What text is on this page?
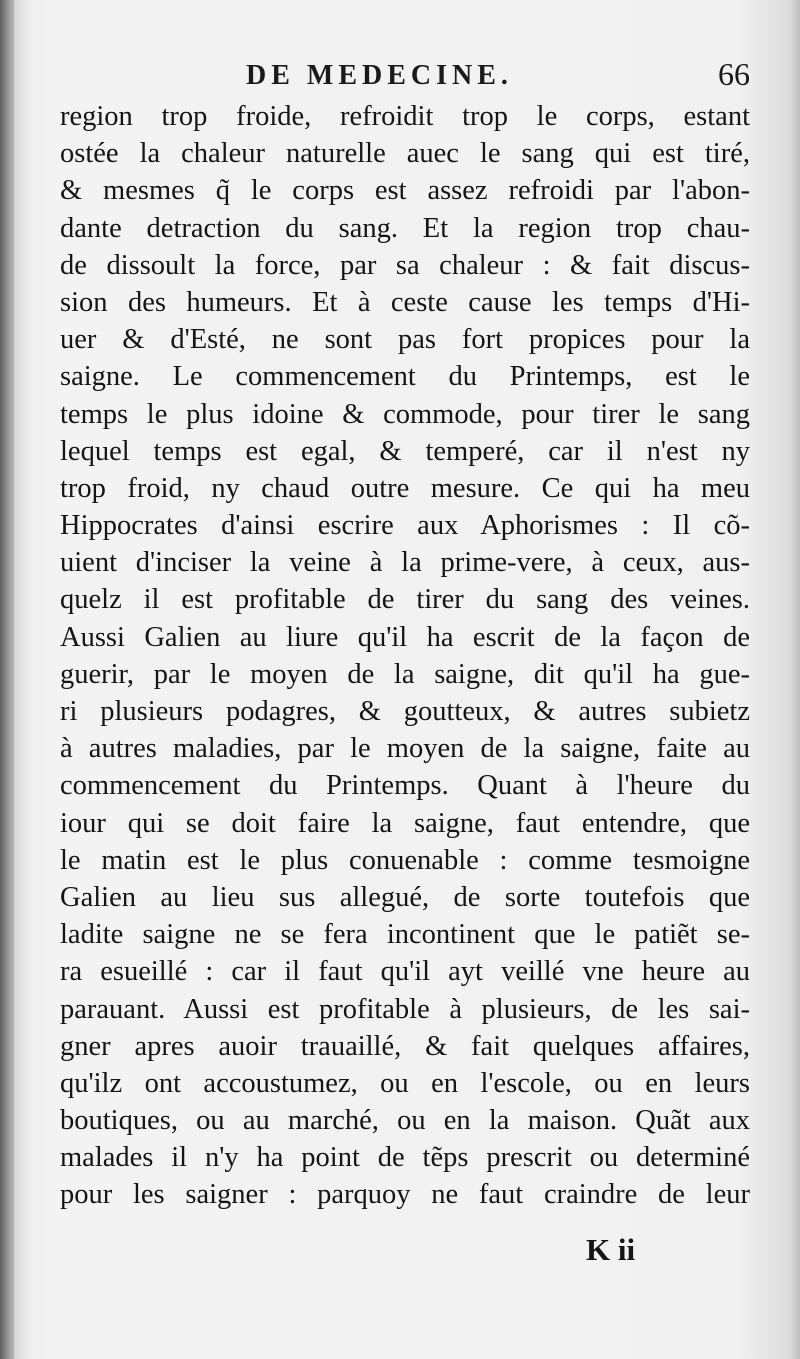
DE MEDECINE.	66
region trop froide, refroidit trop le corps, estant
ostée la chaleur naturelle auec le sang qui est tiré,
& mesmes q̃ le corps est assez refroidi par l'abon-
dante detraction du sang. Et la region trop chau-
de dissoult la force, par sa chaleur : & fait discus-
sion des humeurs. Et à ceste cause les temps d'Hi-
uer & d'Esté, ne sont pas fort propices pour la
saigne. Le commencement du Printemps, est le
temps le plus idoine & commode, pour tirer le sang
lequel temps est egal, & temperé, car il n'est ny
trop froid, ny chaud outre mesure. Ce qui ha meu
Hippocrates d'ainsi escrire aux Aphorismes : Il cõ-
uient d'inciser la veine à la prime-vere, à ceux, aus-
quelz il est profitable de tirer du sang des veines.
Aussi Galien au liure qu'il ha escrit de la façon de
guerir, par le moyen de la saigne, dit qu'il ha gue-
ri plusieurs podagres, & goutteux, & autres subietz
à autres maladies, par le moyen de la saigne, faite au
commencement du Printemps. Quant à l'heure du
iour qui se doit faire la saigne, faut entendre, que
le matin est le plus conuenable : comme tesmoigne
Galien au lieu sus allegué, de sorte toutefois que
ladite saigne ne se fera incontinent que le patiẽt se-
ra esueillé : car il faut qu'il ayt veillé vne heure au
parauant. Aussi est profitable à plusieurs, de les sai-
gner apres auoir trauaillé, & fait quelques affaires,
qu'ilz ont accoustumez, ou en l'escole, ou en leurs
boutiques, ou au marché, ou en la maison. Quãt aux
malades il n'y ha point de tẽps prescrit ou determiné
pour les saigner : parquoy ne faut craindre de leur
K ii
